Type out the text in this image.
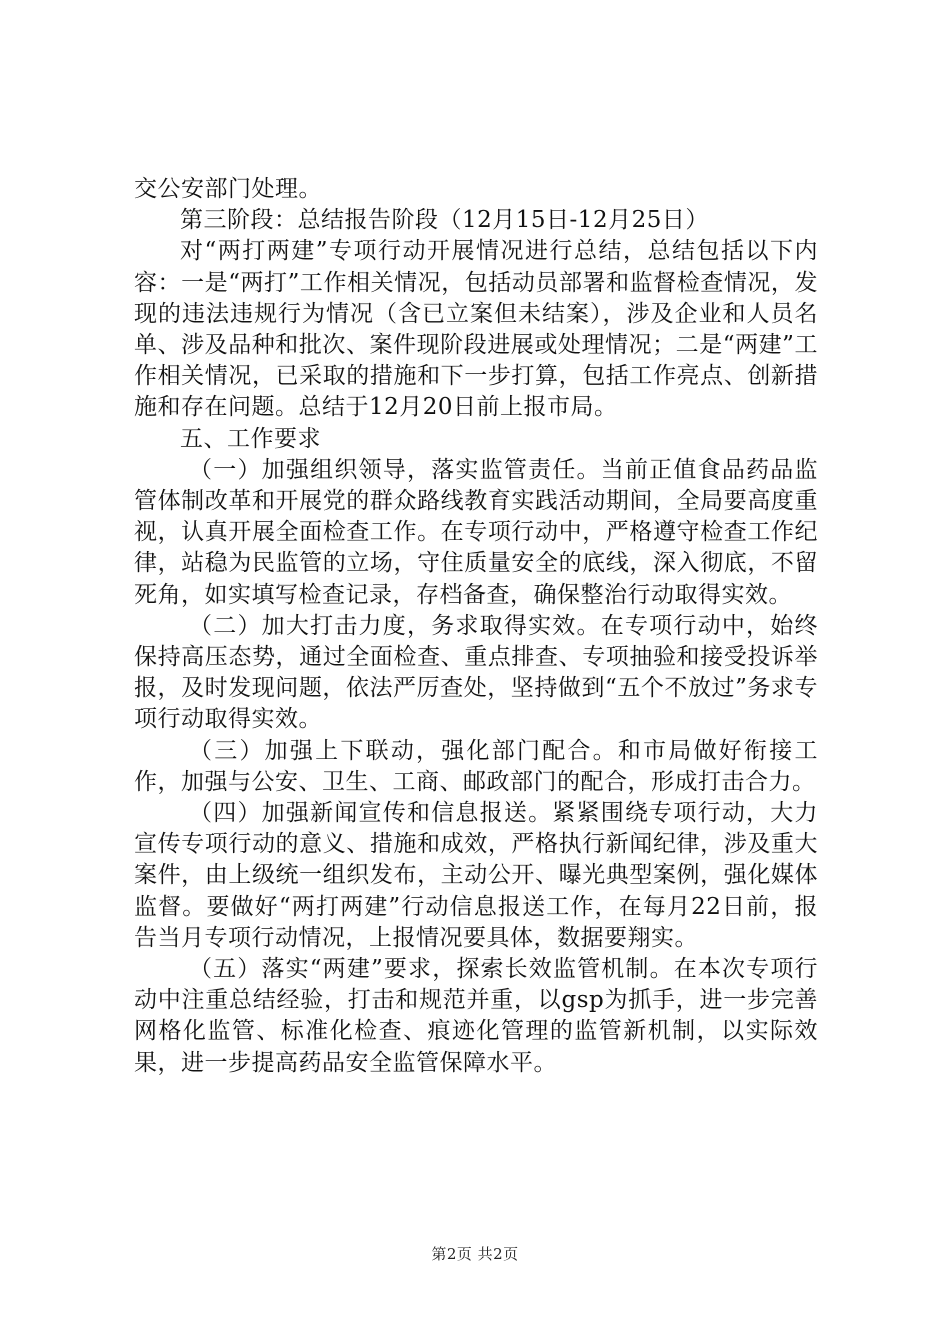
交公安部门处理。

第三阶段：总结报告阶段（12月15日-12月25日）

对“两打两建”专项行动开展情况进行总结，总结包括以下内容：一是“两打”工作相关情况，包括动员部署和监督检查情况，发现的违法违规行为情况（含已立案但未结案），涉及企业和人员名单、涉及品种和批次、案件现阶段进展或处理情况；二是“两建”工作相关情况，已采取的措施和下一步打算，包括工作亮点、创新措施和存在问题。总结于12月20日前上报市局。

五、工作要求

（一）加强组织领导，落实监管责任。当前正值食品药品监管体制改革和开展党的群众路线教育实践活动期间，全局要高度重视，认真开展全面检查工作。在专项行动中，严格遵守检查工作纪律，站稳为民监管的立场，守住质量安全的底线，深入彻底，不留死角，如实填写检查记录，存档备查，确保整治行动取得实效。

（二）加大打击力度，务求取得实效。在专项行动中，始终保持高压态势，通过全面检查、重点排查、专项抽验和接受投诉举报，及时发现问题，依法严厉查处，坚持做到“五个不放过”务求专项行动取得实效。

（三）加强上下联动，强化部门配合。和市局做好衔接工作，加强与公安、卫生、工商、邮政部门的配合，形成打击合力。

（四）加强新闻宣传和信息报送。紧紧围绕专项行动，大力宣传专项行动的意义、措施和成效，严格执行新闻纪律，涉及重大案件，由上级统一组织发布，主动公开、曝光典型案例，强化媒体监督。要做好“两打两建”行动信息报送工作，在每月22日前，报告当月专项行动情况，上报情况要具体，数据要翔实。

（五）落实“两建”要求，探索长效监管机制。在本次专项行动中注重总结经验，打击和规范并重，以gsp为抓手，进一步完善网格化监管、标准化检查、痕迹化管理的监管新机制，以实际效果，进一步提高药品安全监管保障水平。

第2页 共2页
